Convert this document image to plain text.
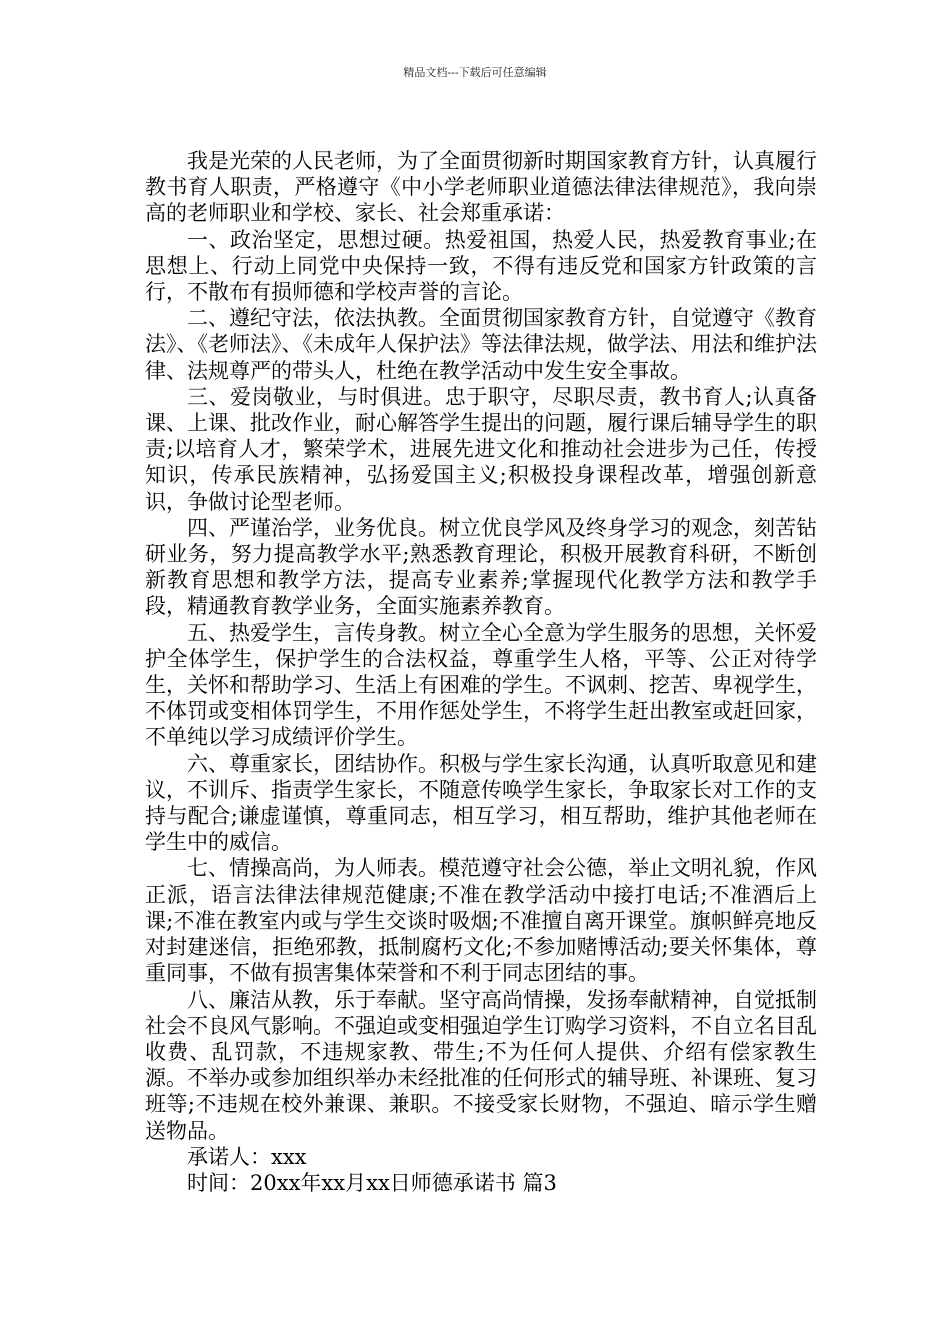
精品文档---下载后可任意编辑

我是光荣的人民老师，为了全面贯彻新时期国家教育方针，认真履行教书育人职责，严格遵守《中小学老师职业道德法律法律规范》，我向崇高的老师职业和学校、家长、社会郑重承诺：

一、政治坚定，思想过硬。热爱祖国，热爱人民，热爱教育事业;在思想上、行动上同党中央保持一致，不得有违反党和国家方针政策的言行，不散布有损师德和学校声誉的言论。

二、遵纪守法，依法执教。全面贯彻国家教育方针，自觉遵守《教育法》、《老师法》、《未成年人保护法》等法律法规，做学法、用法和维护法律、法规尊严的带头人，杜绝在教学活动中发生安全事故。

三、爱岗敬业，与时俱进。忠于职守，尽职尽责，教书育人;认真备课、上课、批改作业，耐心解答学生提出的问题，履行课后辅导学生的职责;以培育人才，繁荣学术，进展先进文化和推动社会进步为己任，传授知识，传承民族精神，弘扬爱国主义;积极投身课程改革，增强创新意识，争做讨论型老师。

四、严谨治学，业务优良。树立优良学风及终身学习的观念，刻苦钻研业务，努力提高教学水平;熟悉教育理论，积极开展教育科研，不断创新教育思想和教学方法，提高专业素养;掌握现代化教学方法和教学手段，精通教育教学业务，全面实施素养教育。

五、热爱学生，言传身教。树立全心全意为学生服务的思想，关怀爱护全体学生，保护学生的合法权益，尊重学生人格，平等、公正对待学生，关怀和帮助学习、生活上有困难的学生。不讽刺、挖苦、卑视学生，不体罚或变相体罚学生，不用作惩处学生，不将学生赶出教室或赶回家，不单纯以学习成绩评价学生。

六、尊重家长，团结协作。积极与学生家长沟通，认真听取意见和建议，不训斥、指责学生家长，不随意传唤学生家长，争取家长对工作的支持与配合;谦虚谨慎，尊重同志，相互学习，相互帮助，维护其他老师在学生中的威信。

七、情操高尚，为人师表。模范遵守社会公德，举止文明礼貌，作风正派，语言法律法律规范健康;不准在教学活动中接打电话;不准酒后上课;不准在教室内或与学生交谈时吸烟;不准擅自离开课堂。旗帜鲜亮地反对封建迷信，拒绝邪教，抵制腐朽文化;不参加赌博活动;要关怀集体，尊重同事，不做有损害集体荣誉和不利于同志团结的事。

八、廉洁从教，乐于奉献。坚守高尚情操，发扬奉献精神，自觉抵制社会不良风气影响。不强迫或变相强迫学生订购学习资料，不自立名目乱收费、乱罚款，不违规家教、带生;不为任何人提供、介绍有偿家教生源。不举办或参加组织举办未经批准的任何形式的辅导班、补课班、复习班等;不违规在校外兼课、兼职。不接受家长财物，不强迫、暗示学生赠送物品。

承诺人：xxx

时间：20xx年xx月xx日师德承诺书 篇3
